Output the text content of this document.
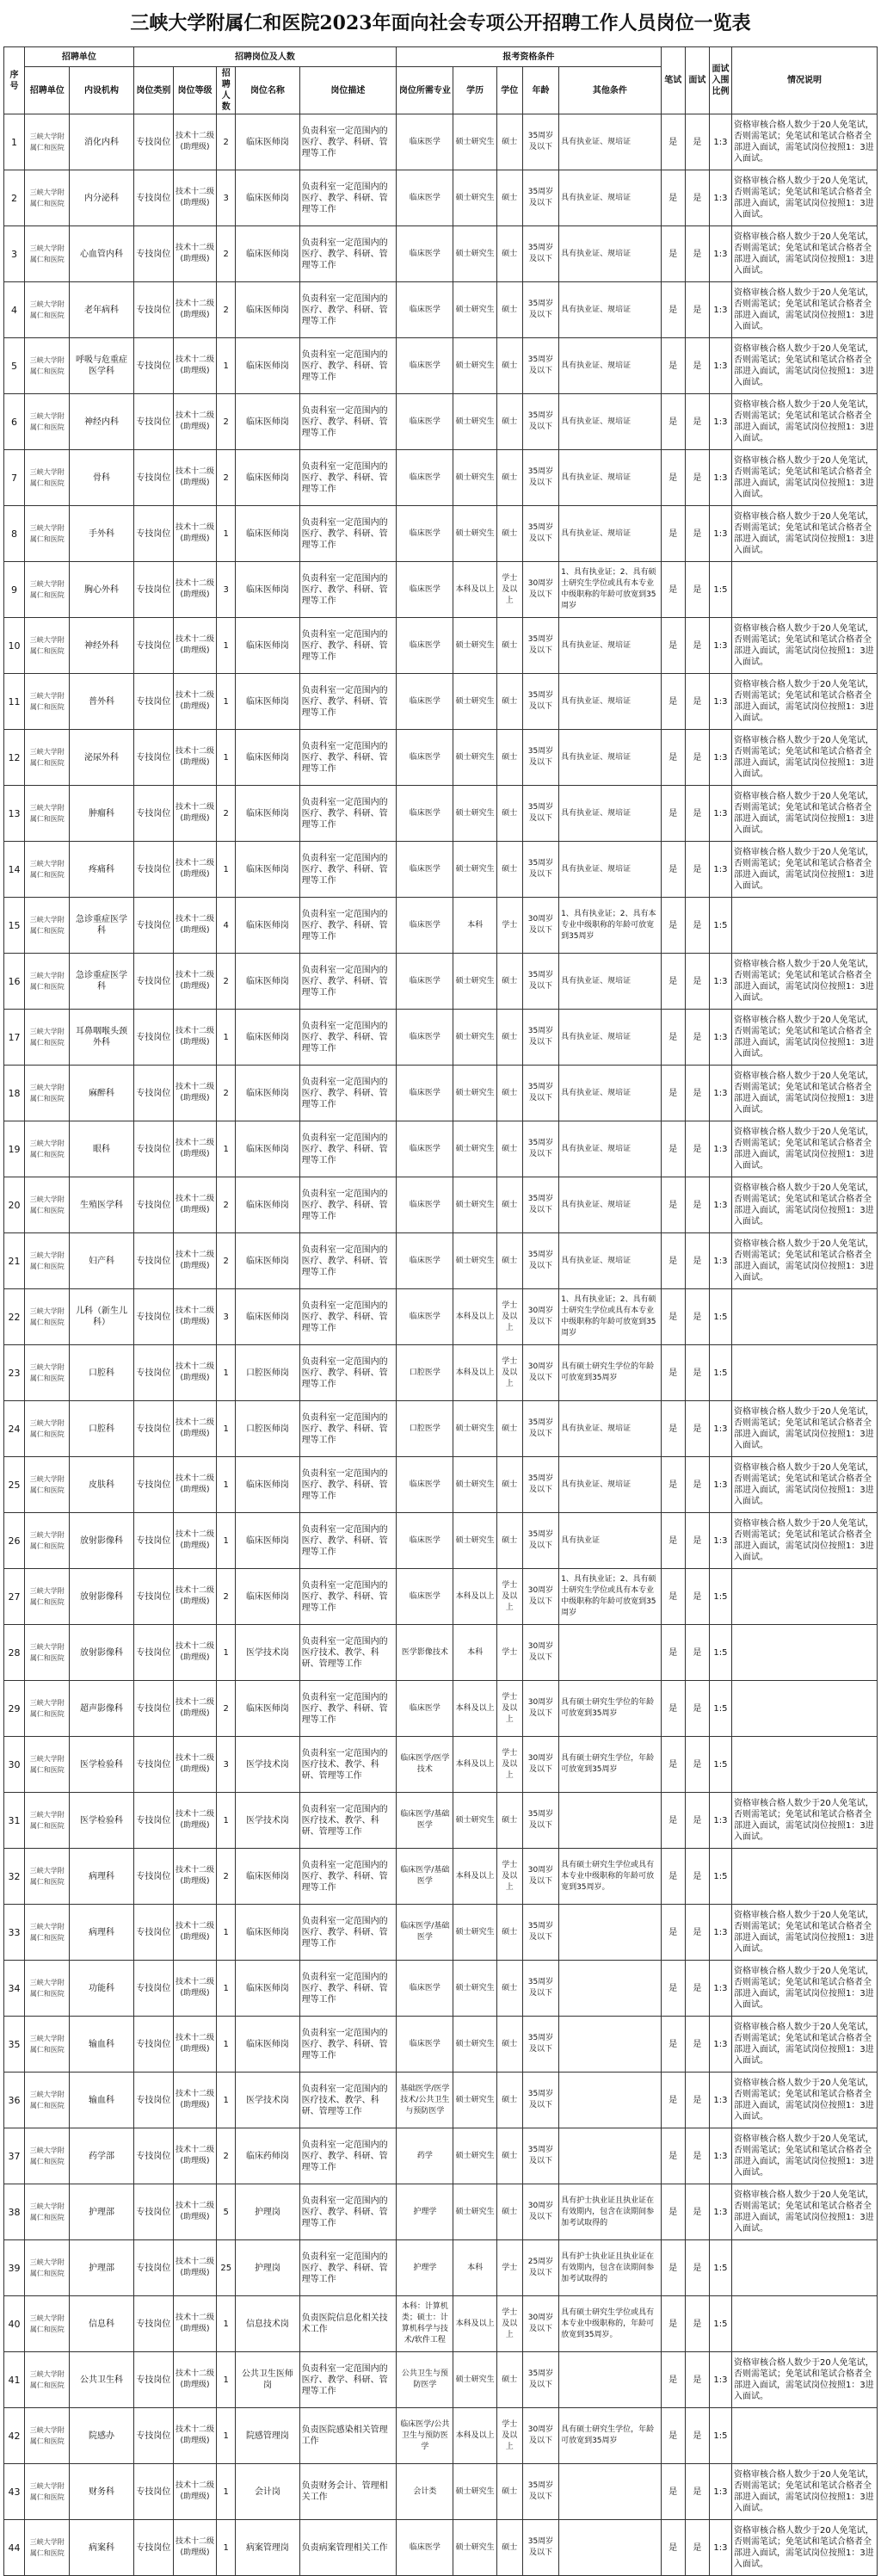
三峡大学附属仁和医院2023年面向社会专项公开招聘工作人员岗位一览表
序号	招聘单位		招聘岗位及人数					报考资格条件					笔试	面试	面试入围比例	情况说明
	招聘单位	内设机构	岗位类别	岗位等级	招聘人数	岗位名称	岗位描述	岗位所需专业	学历	学位	年龄	其他条件				
1	三峡大学附属仁和医院	消化内科	专技岗位	技术十二级(助理级)	2	临床医师岗	负责科室一定范围内的医疗、教学、科研、管理等工作	临床医学	硕士研究生	硕士	35周岁及以下	具有执业证、规培证	是	是	1:3	资格审核合格人数少于20人免笔试，否则需笔试；免笔试和笔试合格者全部进入面试，需笔试岗位按照1：3进入面试。
2	三峡大学附属仁和医院	内分泌科	专技岗位	技术十二级(助理级)	3	临床医师岗	负责科室一定范围内的医疗、教学、科研、管理等工作	临床医学	硕士研究生	硕士	35周岁及以下	具有执业证、规培证	是	是	1:3	资格审核合格人数少于20人免笔试，否则需笔试；免笔试和笔试合格者全部进入面试，需笔试岗位按照1：3进入面试。
3	三峡大学附属仁和医院	心血管内科	专技岗位	技术十二级(助理级)	2	临床医师岗	负责科室一定范围内的医疗、教学、科研、管理等工作	临床医学	硕士研究生	硕士	35周岁及以下	具有执业证、规培证	是	是	1:3	资格审核合格人数少于20人免笔试，否则需笔试；免笔试和笔试合格者全部进入面试，需笔试岗位按照1：3进入面试。
4	三峡大学附属仁和医院	老年病科	专技岗位	技术十二级(助理级)	2	临床医师岗	负责科室一定范围内的医疗、教学、科研、管理等工作	临床医学	硕士研究生	硕士	35周岁及以下	具有执业证、规培证	是	是	1:3	资格审核合格人数少于20人免笔试，否则需笔试；免笔试和笔试合格者全部进入面试，需笔试岗位按照1：3进入面试。
5	三峡大学附属仁和医院	呼吸与危重症医学科	专技岗位	技术十二级(助理级)	1	临床医师岗	负责科室一定范围内的医疗、教学、科研、管理等工作	临床医学	硕士研究生	硕士	35周岁及以下	具有执业证、规培证	是	是	1:3	资格审核合格人数少于20人免笔试，否则需笔试；免笔试和笔试合格者全部进入面试，需笔试岗位按照1：3进入面试。
6	三峡大学附属仁和医院	神经内科	专技岗位	技术十二级(助理级)	2	临床医师岗	负责科室一定范围内的医疗、教学、科研、管理等工作	临床医学	硕士研究生	硕士	35周岁及以下	具有执业证、规培证	是	是	1:3	资格审核合格人数少于20人免笔试，否则需笔试；免笔试和笔试合格者全部进入面试，需笔试岗位按照1：3进入面试。
7	三峡大学附属仁和医院	骨科	专技岗位	技术十二级(助理级)	2	临床医师岗	负责科室一定范围内的医疗、教学、科研、管理等工作	临床医学	硕士研究生	硕士	35周岁及以下	具有执业证、规培证	是	是	1:3	资格审核合格人数少于20人免笔试，否则需笔试；免笔试和笔试合格者全部进入面试，需笔试岗位按照1：3进入面试。
8	三峡大学附属仁和医院	手外科	专技岗位	技术十二级(助理级)	1	临床医师岗	负责科室一定范围内的医疗、教学、科研、管理等工作	临床医学	硕士研究生	硕士	35周岁及以下	具有执业证、规培证	是	是	1:3	资格审核合格人数少于20人免笔试，否则需笔试；免笔试和笔试合格者全部进入面试，需笔试岗位按照1：3进入面试。
9	三峡大学附属仁和医院	胸心外科	专技岗位	技术十二级(助理级)	3	临床医师岗	负责科室一定范围内的医疗、教学、科研、管理等工作	临床医学	本科及以上	学士及以上	30周岁及以下	1、具有执业证；2、具有硕士研究生学位或具有本专业中级职称的年龄可放宽到35周岁	是	是	1:5	
10	三峡大学附属仁和医院	神经外科	专技岗位	技术十二级(助理级)	1	临床医师岗	负责科室一定范围内的医疗、教学、科研、管理等工作	临床医学	硕士研究生	硕士	35周岁及以下	具有执业证、规培证	是	是	1:3	资格审核合格人数少于20人免笔试，否则需笔试；免笔试和笔试合格者全部进入面试，需笔试岗位按照1：3进入面试。
11	三峡大学附属仁和医院	普外科	专技岗位	技术十二级(助理级)	1	临床医师岗	负责科室一定范围内的医疗、教学、科研、管理等工作	临床医学	硕士研究生	硕士	35周岁及以下	具有执业证、规培证	是	是	1:3	资格审核合格人数少于20人免笔试，否则需笔试；免笔试和笔试合格者全部进入面试，需笔试岗位按照1：3进入面试。
12	三峡大学附属仁和医院	泌尿外科	专技岗位	技术十二级(助理级)	1	临床医师岗	负责科室一定范围内的医疗、教学、科研、管理等工作	临床医学	硕士研究生	硕士	35周岁及以下	具有执业证、规培证	是	是	1:3	资格审核合格人数少于20人免笔试，否则需笔试；免笔试和笔试合格者全部进入面试，需笔试岗位按照1：3进入面试。
13	三峡大学附属仁和医院	肿瘤科	专技岗位	技术十二级(助理级)	2	临床医师岗	负责科室一定范围内的医疗、教学、科研、管理等工作	临床医学	硕士研究生	硕士	35周岁及以下	具有执业证、规培证	是	是	1:3	资格审核合格人数少于20人免笔试，否则需笔试；免笔试和笔试合格者全部进入面试，需笔试岗位按照1：3进入面试。
14	三峡大学附属仁和医院	疼痛科	专技岗位	技术十二级(助理级)	1	临床医师岗	负责科室一定范围内的医疗、教学、科研、管理等工作	临床医学	硕士研究生	硕士	35周岁及以下	具有执业证、规培证	是	是	1:3	资格审核合格人数少于20人免笔试，否则需笔试；免笔试和笔试合格者全部进入面试，需笔试岗位按照1：3进入面试。
15	三峡大学附属仁和医院	急诊重症医学科	专技岗位	技术十二级(助理级)	4	临床医师岗	负责科室一定范围内的医疗、教学、科研、管理等工作	临床医学	本科	学士	30周岁及以下	1、具有执业证；2、具有本专业中级职称的年龄可放宽到35周岁	是	是	1:5	
16	三峡大学附属仁和医院	急诊重症医学科	专技岗位	技术十二级(助理级)	2	临床医师岗	负责科室一定范围内的医疗、教学、科研、管理等工作	临床医学	硕士研究生	硕士	35周岁及以下	具有执业证、规培证	是	是	1:3	资格审核合格人数少于20人免笔试，否则需笔试；免笔试和笔试合格者全部进入面试，需笔试岗位按照1：3进入面试。
17	三峡大学附属仁和医院	耳鼻咽喉头颈外科	专技岗位	技术十二级(助理级)	1	临床医师岗	负责科室一定范围内的医疗、教学、科研、管理等工作	临床医学	硕士研究生	硕士	35周岁及以下	具有执业证、规培证	是	是	1:3	资格审核合格人数少于20人免笔试，否则需笔试；免笔试和笔试合格者全部进入面试，需笔试岗位按照1：3进入面试。
18	三峡大学附属仁和医院	麻醉科	专技岗位	技术十二级(助理级)	2	临床医师岗	负责科室一定范围内的医疗、教学、科研、管理等工作	临床医学	硕士研究生	硕士	35周岁及以下	具有执业证、规培证	是	是	1:3	资格审核合格人数少于20人免笔试，否则需笔试；免笔试和笔试合格者全部进入面试，需笔试岗位按照1：3进入面试。
19	三峡大学附属仁和医院	眼科	专技岗位	技术十二级(助理级)	1	临床医师岗	负责科室一定范围内的医疗、教学、科研、管理等工作	临床医学	硕士研究生	硕士	35周岁及以下	具有执业证、规培证	是	是	1:3	资格审核合格人数少于20人免笔试，否则需笔试；免笔试和笔试合格者全部进入面试，需笔试岗位按照1：3进入面试。
20	三峡大学附属仁和医院	生殖医学科	专技岗位	技术十二级(助理级)	2	临床医师岗	负责科室一定范围内的医疗、教学、科研、管理等工作	临床医学	硕士研究生	硕士	35周岁及以下	具有执业证、规培证	是	是	1:3	资格审核合格人数少于20人免笔试，否则需笔试；免笔试和笔试合格者全部进入面试，需笔试岗位按照1：3进入面试。
21	三峡大学附属仁和医院	妇产科	专技岗位	技术十二级(助理级)	2	临床医师岗	负责科室一定范围内的医疗、教学、科研、管理等工作	临床医学	硕士研究生	硕士	35周岁及以下	具有执业证、规培证	是	是	1:3	资格审核合格人数少于20人免笔试，否则需笔试；免笔试和笔试合格者全部进入面试，需笔试岗位按照1：3进入面试。
22	三峡大学附属仁和医院	儿科（新生儿科）	专技岗位	技术十二级(助理级)	3	临床医师岗	负责科室一定范围内的医疗、教学、科研、管理等工作	临床医学	本科及以上	学士及以上	30周岁及以下	1、具有执业证；2、具有硕士研究生学位或具有本专业中级职称的年龄可放宽到35周岁	是	是	1:5	
23	三峡大学附属仁和医院	口腔科	专技岗位	技术十二级(助理级)	1	口腔医师岗	负责科室一定范围内的医疗、教学、科研、管理等工作	口腔医学	本科及以上	学士及以上	30周岁及以下	具有硕士研究生学位的年龄可放宽到35周岁	是	是	1:5	
24	三峡大学附属仁和医院	口腔科	专技岗位	技术十二级(助理级)	1	口腔医师岗	负责科室一定范围内的医疗、教学、科研、管理等工作	口腔医学	硕士研究生	硕士	35周岁及以下	具有执业证、规培证	是	是	1:3	资格审核合格人数少于20人免笔试，否则需笔试；免笔试和笔试合格者全部进入面试，需笔试岗位按照1：3进入面试。
25	三峡大学附属仁和医院	皮肤科	专技岗位	技术十二级(助理级)	1	临床医师岗	负责科室一定范围内的医疗、教学、科研、管理等工作	临床医学	硕士研究生	硕士	35周岁及以下	具有执业证、规培证	是	是	1:3	资格审核合格人数少于20人免笔试，否则需笔试；免笔试和笔试合格者全部进入面试，需笔试岗位按照1：3进入面试。
26	三峡大学附属仁和医院	放射影像科	专技岗位	技术十二级(助理级)	1	临床医师岗	负责科室一定范围内的医疗、教学、科研、管理等工作	临床医学	硕士研究生	硕士	35周岁及以下	具有执业证	是	是	1:3	资格审核合格人数少于20人免笔试，否则需笔试；免笔试和笔试合格者全部进入面试，需笔试岗位按照1：3进入面试。
27	三峡大学附属仁和医院	放射影像科	专技岗位	技术十二级(助理级)	2	临床医师岗	负责科室一定范围内的医疗、教学、科研、管理等工作	临床医学	本科及以上	学士及以上	30周岁及以下	1、具有执业证；2、具有硕士研究生学位或具有本专业中级职称的年龄可放宽到35周岁	是	是	1:5	
28	三峡大学附属仁和医院	放射影像科	专技岗位	技术十二级(助理级)	1	医学技术岗	负责科室一定范围内的医疗技术、教学、科研、管理等工作	医学影像技术	本科	学士	30周岁及以下		是	是	1:5	
29	三峡大学附属仁和医院	超声影像科	专技岗位	技术十二级(助理级)	2	临床医师岗	负责科室一定范围内的医疗、教学、科研、管理等工作	临床医学	本科及以上	学士及以上	30周岁及以下	具有硕士研究生学位的年龄可放宽到35周岁	是	是	1:5	
30	三峡大学附属仁和医院	医学检验科	专技岗位	技术十二级(助理级)	3	医学技术岗	负责科室一定范围内的医疗技术、教学、科研、管理等工作	临床医学/医学技术	本科及以上	学士及以上	30周岁及以下	具有硕士研究生学位，年龄可放宽到35周岁	是	是	1:5	
31	三峡大学附属仁和医院	医学检验科	专技岗位	技术十二级(助理级)	1	医学技术岗	负责科室一定范围内的医疗技术、教学、科研、管理等工作	临床医学/基础医学	硕士研究生	硕士	35周岁及以下		是	是	1:3	资格审核合格人数少于20人免笔试，否则需笔试；免笔试和笔试合格者全部进入面试，需笔试岗位按照1：3进入面试。
32	三峡大学附属仁和医院	病理科	专技岗位	技术十二级(助理级)	2	临床医师岗	负责科室一定范围内的医疗、教学、科研、管理等工作	临床医学/基础医学	本科及以上	学士及以上	30周岁及以下	具有硕士研究生学位或具有本专业中级职称的年龄可放宽到35周岁。	是	是	1:5	
33	三峡大学附属仁和医院	病理科	专技岗位	技术十二级(助理级)	1	临床医师岗	负责科室一定范围内的医疗、教学、科研、管理等工作	临床医学/基础医学	硕士研究生	硕士	35周岁及以下		是	是	1:3	资格审核合格人数少于20人免笔试，否则需笔试；免笔试和笔试合格者全部进入面试，需笔试岗位按照1：3进入面试。
34	三峡大学附属仁和医院	功能科	专技岗位	技术十二级(助理级)	1	临床医师岗	负责科室一定范围内的医疗、教学、科研、管理等工作	临床医学	硕士研究生	硕士	35周岁及以下		是	是	1:3	资格审核合格人数少于20人免笔试，否则需笔试；免笔试和笔试合格者全部进入面试，需笔试岗位按照1：3进入面试。
35	三峡大学附属仁和医院	输血科	专技岗位	技术十二级(助理级)	1	临床医师岗	负责科室一定范围内的医疗、教学、科研、管理等工作	临床医学	硕士研究生	硕士	35周岁及以下		是	是	1:3	资格审核合格人数少于20人免笔试，否则需笔试；免笔试和笔试合格者全部进入面试，需笔试岗位按照1：3进入面试。
36	三峡大学附属仁和医院	输血科	专技岗位	技术十二级(助理级)	1	医学技术岗	负责科室一定范围内的医疗技术、教学、科研、管理等工作	基础医学/医学技术/公共卫生与预防医学	硕士研究生	硕士	35周岁及以下		是	是	1:3	资格审核合格人数少于20人免笔试，否则需笔试；免笔试和笔试合格者全部进入面试，需笔试岗位按照1：3进入面试。
37	三峡大学附属仁和医院	药学部	专技岗位	技术十二级(助理级)	2	临床药师岗	负责科室一定范围内的医疗、教学、科研、管理等工作	药学	硕士研究生	硕士	35周岁及以下		是	是	1:3	资格审核合格人数少于20人免笔试，否则需笔试；免笔试和笔试合格者全部进入面试，需笔试岗位按照1：3进入面试。
38	三峡大学附属仁和医院	护理部	专技岗位	技术十二级(助理级)	5	护理岗	负责科室一定范围内的医疗、教学、科研、管理等工作	护理学	硕士研究生	硕士	30周岁及以下	具有护士执业证且执业证在有效期内，包含在读期间参加考试取得的	是	是	1:3	资格审核合格人数少于20人免笔试，否则需笔试；免笔试和笔试合格者全部进入面试，需笔试岗位按照1：3进入面试。
39	三峡大学附属仁和医院	护理部	专技岗位	技术十二级(助理级)	25	护理岗	负责科室一定范围内的医疗、教学、科研、管理等工作	护理学	本科	学士	25周岁及以下	具有护士执业证且执业证在有效期内，包含在读期间参加考试取得的	是	是	1:5	
40	三峡大学附属仁和医院	信息科	专技岗位	技术十二级(助理级)	1	信息技术岗	负责医院信息化相关技术工作	本科：计算机类；硕士：计算机科学与技术/软件工程	本科及以上	学士及以上	30周岁及以下	具有硕士研究生学位或具有本专业中级职称的，年龄可放宽到35周岁。	是	是	1:5	
41	三峡大学附属仁和医院	公共卫生科	专技岗位	技术十二级(助理级)	1	公共卫生医师岗	负责科室一定范围内的医疗、教学、科研、管理等工作	公共卫生与预防医学	硕士研究生	硕士	35周岁及以下		是	是	1:3	资格审核合格人数少于20人免笔试，否则需笔试；免笔试和笔试合格者全部进入面试，需笔试岗位按照1：3进入面试。
42	三峡大学附属仁和医院	院感办	专技岗位	技术十二级(助理级)	1	院感管理岗	负责医院感染相关管理工作	临床医学/公共卫生与预防医学	本科及以上	学士及以上	30周岁及以下	具有硕士研究生学位，年龄可放宽到35周岁	是	是	1:5	
43	三峡大学附属仁和医院	财务科	专技岗位	技术十二级(助理级)	1	会计岗	负责财务会计、管理相关工作	会计类	硕士研究生	硕士	35周岁及以下		是	是	1:3	资格审核合格人数少于20人免笔试，否则需笔试；免笔试和笔试合格者全部进入面试，需笔试岗位按照1：3进入面试。
44	三峡大学附属仁和医院	病案科	专技岗位	技术十二级(助理级)	1	病案管理岗	负责病案管理相关工作	临床医学	硕士研究生	硕士	35周岁及以下		是	是	1:3	资格审核合格人数少于20人免笔试，否则需笔试；免笔试和笔试合格者全部进入面试，需笔试岗位按照1：3进入面试。
